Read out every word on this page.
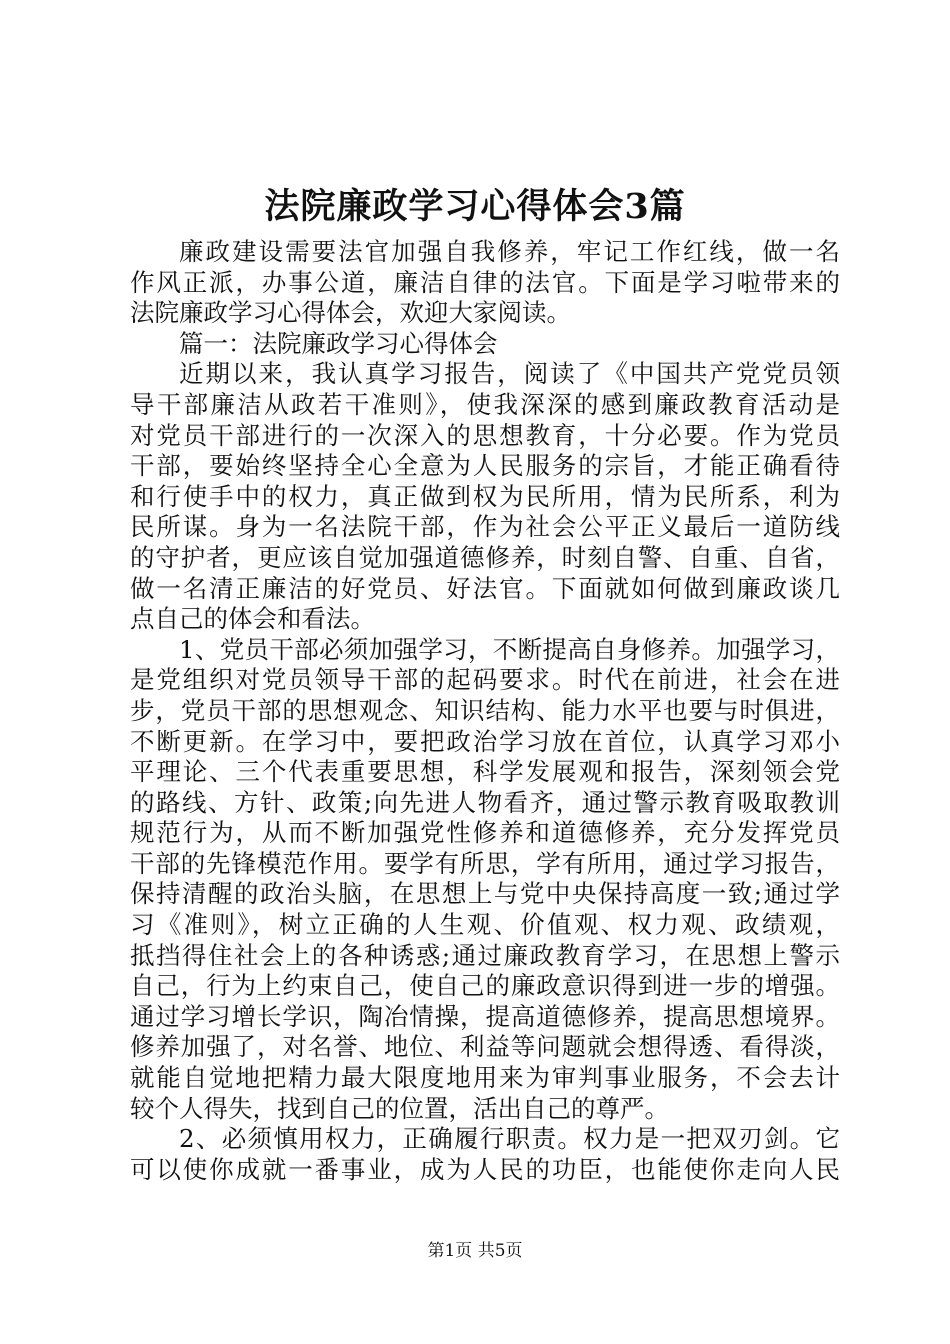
法院廉政学习心得体会3篇
廉政建设需要法官加强自我修养，牢记工作红线，做一名
作风正派，办事公道，廉洁自律的法官。下面是学习啦带来的
法院廉政学习心得体会，欢迎大家阅读。
篇一：法院廉政学习心得体会
近期以来，我认真学习报告，阅读了《中国共产党党员领
导干部廉洁从政若干准则》，使我深深的感到廉政教育活动是
对党员干部进行的一次深入的思想教育，十分必要。作为党员
干部，要始终坚持全心全意为人民服务的宗旨，才能正确看待
和行使手中的权力，真正做到权为民所用，情为民所系，利为
民所谋。身为一名法院干部，作为社会公平正义最后一道防线
的守护者，更应该自觉加强道德修养，时刻自警、自重、自省，
做一名清正廉洁的好党员、好法官。下面就如何做到廉政谈几
点自己的体会和看法。
1、党员干部必须加强学习，不断提高自身修养。加强学习，
是党组织对党员领导干部的起码要求。时代在前进，社会在进
步，党员干部的思想观念、知识结构、能力水平也要与时俱进，
不断更新。在学习中，要把政治学习放在首位，认真学习邓小
平理论、三个代表重要思想，科学发展观和报告，深刻领会党
的路线、方针、政策;向先进人物看齐，通过警示教育吸取教训
规范行为，从而不断加强党性修养和道德修养，充分发挥党员
干部的先锋模范作用。要学有所思，学有所用，通过学习报告，
保持清醒的政治头脑，在思想上与党中央保持高度一致;通过学
习《准则》，树立正确的人生观、价值观、权力观、政绩观，
抵挡得住社会上的各种诱惑;通过廉政教育学习，在思想上警示
自己，行为上约束自己，使自己的廉政意识得到进一步的增强。
通过学习增长学识，陶冶情操，提高道德修养，提高思想境界。
修养加强了，对名誉、地位、利益等问题就会想得透、看得淡，
就能自觉地把精力最大限度地用来为审判事业服务，不会去计
较个人得失，找到自己的位置，活出自己的尊严。
2、必须慎用权力，正确履行职责。权力是一把双刃剑。它
可以使你成就一番事业，成为人民的功臣，也能使你走向人民
第1页 共5页
